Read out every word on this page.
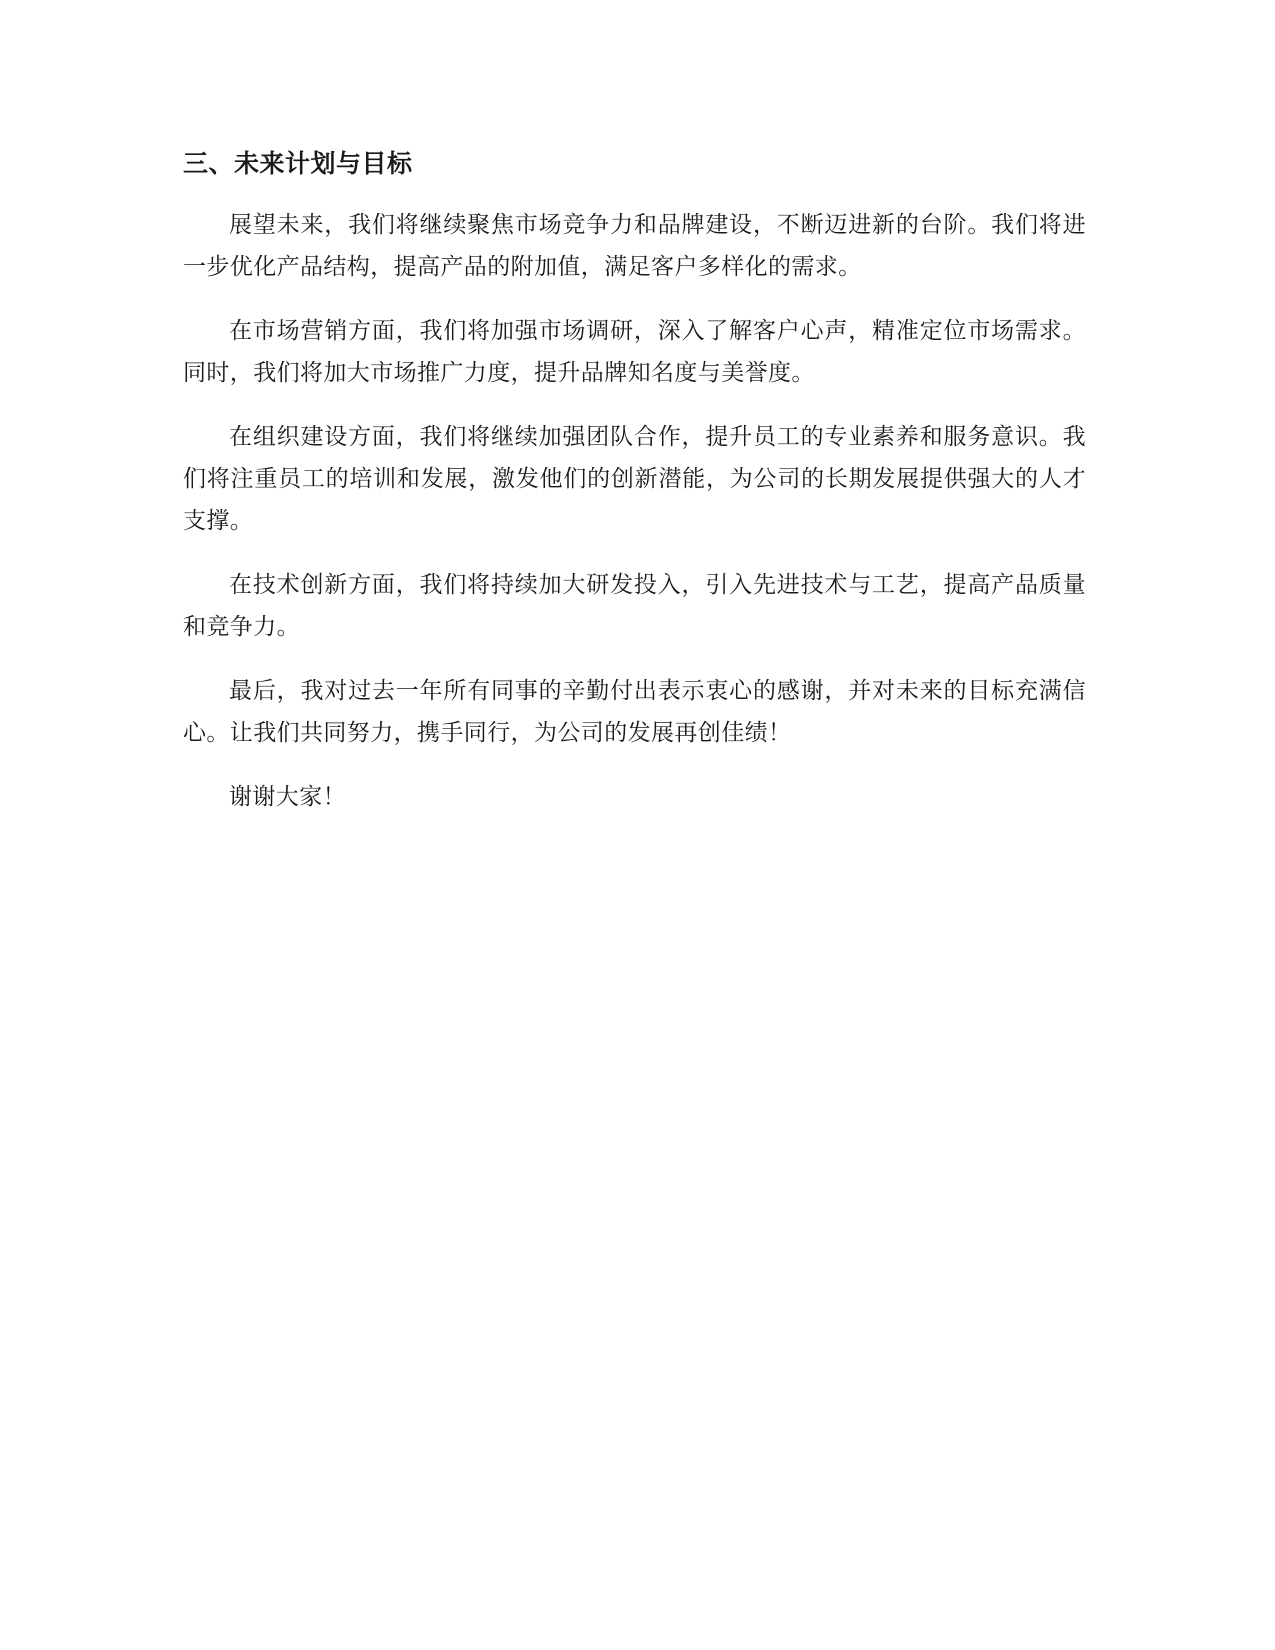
三、未来计划与目标

展望未来，我们将继续聚焦市场竞争力和品牌建设，不断迈进新的台阶。我们将进一步优化产品结构，提高产品的附加值，满足客户多样化的需求。

在市场营销方面，我们将加强市场调研，深入了解客户心声，精准定位市场需求。同时，我们将加大市场推广力度，提升品牌知名度与美誉度。

在组织建设方面，我们将继续加强团队合作，提升员工的专业素养和服务意识。我们将注重员工的培训和发展，激发他们的创新潜能，为公司的长期发展提供强大的人才支撑。

在技术创新方面，我们将持续加大研发投入，引入先进技术与工艺，提高产品质量和竞争力。

最后，我对过去一年所有同事的辛勤付出表示衷心的感谢，并对未来的目标充满信心。让我们共同努力，携手同行，为公司的发展再创佳绩！

谢谢大家！
